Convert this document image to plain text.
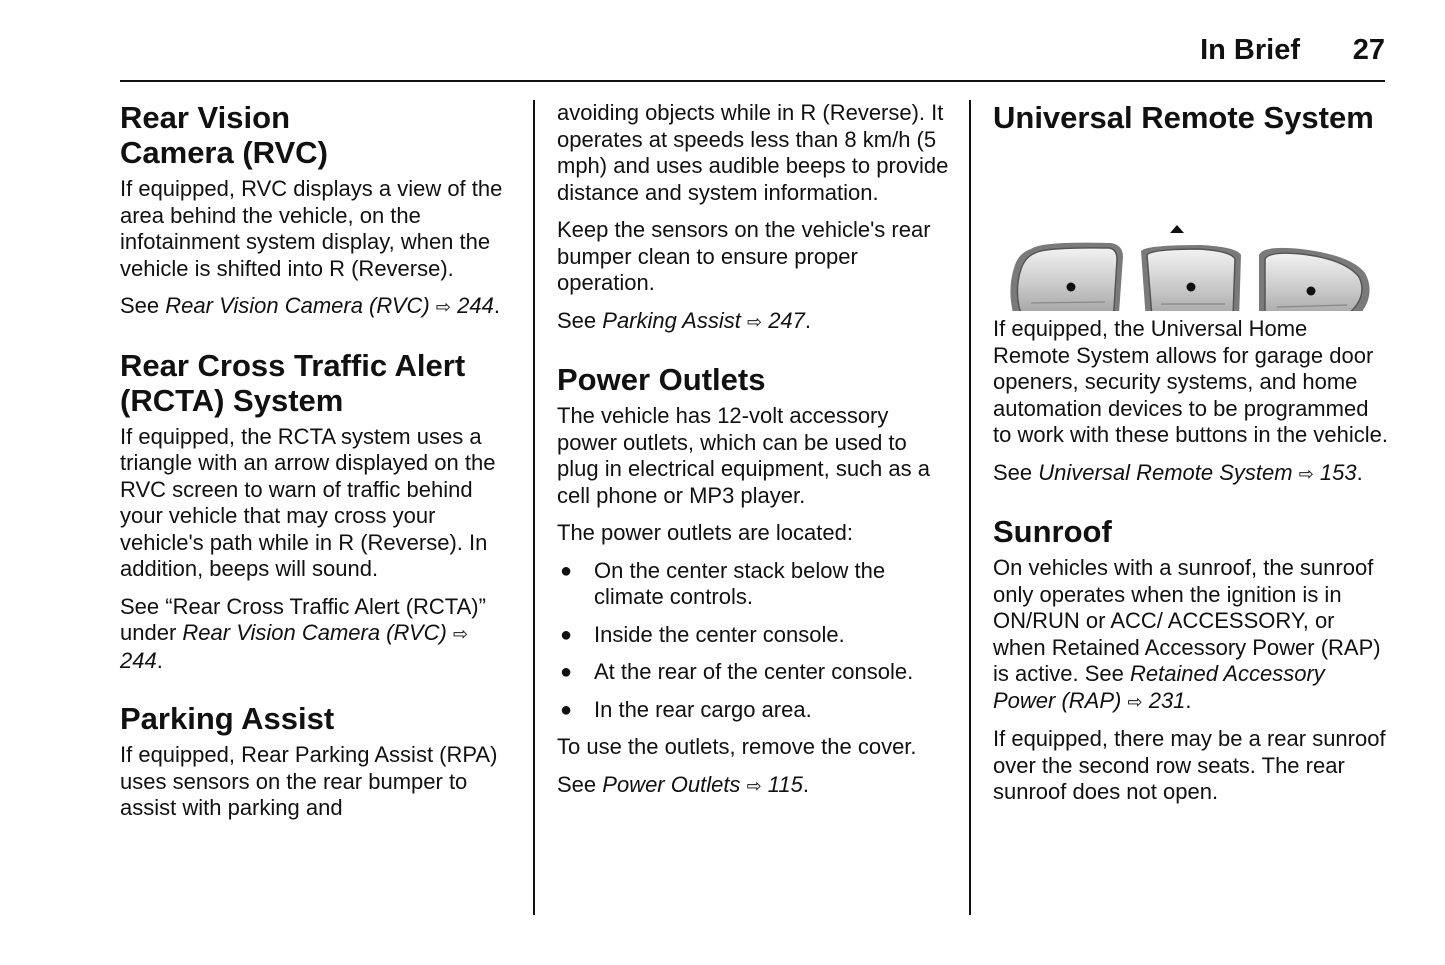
In Brief 27
Rear Vision
Camera (RVC)

If equipped, RVC displays a view of the area behind the vehicle, on the infotainment system display, when the vehicle is shifted into R (Reverse).

See Rear Vision Camera (RVC) ⇨ 244.

Rear Cross Traffic Alert
(RCTA) System

If equipped, the RCTA system uses a triangle with an arrow displayed on the RVC screen to warn of traffic behind your vehicle that may cross your vehicle's path while in R (Reverse). In addition, beeps will sound.

See “Rear Cross Traffic Alert (RCTA)” under Rear Vision Camera (RVC) ⇨ 244.

Parking Assist

If equipped, Rear Parking Assist (RPA) uses sensors on the rear bumper to assist with parking and

avoiding objects while in R (Reverse). It operates at speeds less than 8 km/h (5 mph) and uses audible beeps to provide distance and system information.

Keep the sensors on the vehicle's rear bumper clean to ensure proper operation.

See Parking Assist ⇨ 247.

Power Outlets

The vehicle has 12-volt accessory power outlets, which can be used to plug in electrical equipment, such as a cell phone or MP3 player.

The power outlets are located:

● On the center stack below the climate controls.
● Inside the center console.
● At the rear of the center console.
● In the rear cargo area.

To use the outlets, remove the cover.

See Power Outlets ⇨ 115.

Universal Remote System

If equipped, the Universal Home Remote System allows for garage door openers, security systems, and home automation devices to be programmed to work with these buttons in the vehicle.

See Universal Remote System ⇨ 153.

Sunroof

On vehicles with a sunroof, the sunroof only operates when the ignition is in ON/RUN or ACC/ ACCESSORY, or when Retained Accessory Power (RAP) is active. See Retained Accessory Power (RAP) ⇨ 231.

If equipped, there may be a rear sunroof over the second row seats. The rear sunroof does not open.
